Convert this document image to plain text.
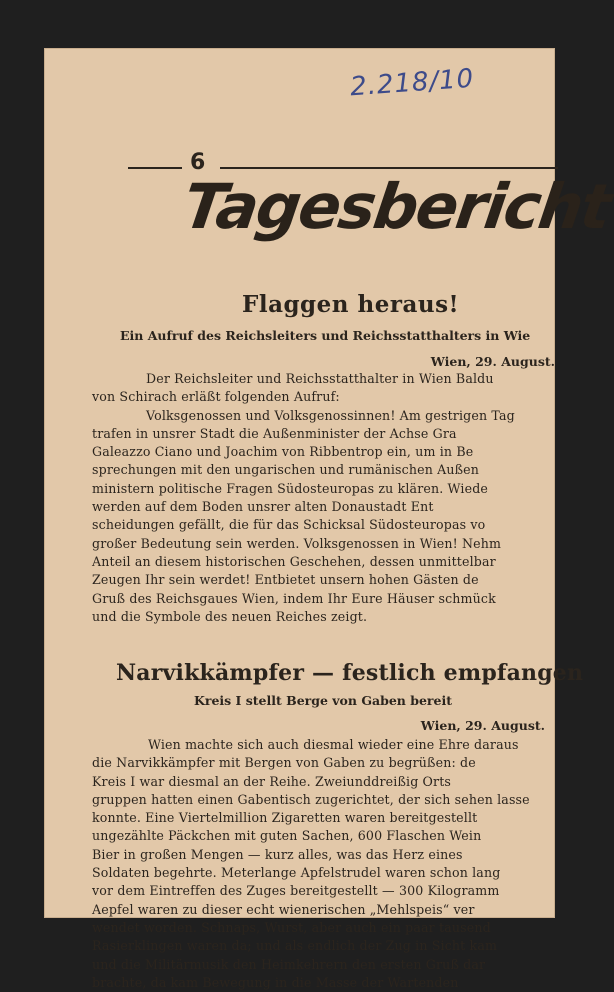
2.218/10
6
Tagesbericht
Flaggen heraus!
Ein Aufruf des Reichsleiters und Reichsstatthalters in Wie
Wien, 29. August.
Der Reichsleiter und Reichsstatthalter in Wien Baldu
von Schirach erläßt folgenden Aufruf:
Volksgenossen und Volksgenossinnen! Am gestrigen Tag
trafen in unsrer Stadt die Außenminister der Achse Gra
Galeazzo Ciano und Joachim von Ribbentrop ein, um in Be
sprechungen mit den ungarischen und rumänischen Außen
ministern politische Fragen Südosteuropas zu klären. Wiede
werden auf dem Boden unsrer alten Donaustadt Ent
scheidungen gefällt, die für das Schicksal Südosteuropas vo
großer Bedeutung sein werden. Volksgenossen in Wien! Nehm
Anteil an diesem historischen Geschehen, dessen unmittelbar
Zeugen Ihr sein werdet! Entbietet unsern hohen Gästen de
Gruß des Reichsgaues Wien, indem Ihr Eure Häuser schmück
und die Symbole des neuen Reiches zeigt.
Narvikkämpfer — festlich empfangen
Kreis I stellt Berge von Gaben bereit
Wien, 29. August.
Wien machte sich auch diesmal wieder eine Ehre daraus
die Narvikkämpfer mit Bergen von Gaben zu begrüßen: de
Kreis I war diesmal an der Reihe. Zweiunddreißig Orts
gruppen hatten einen Gabentisch zugerichtet, der sich sehen lasse
konnte. Eine Viertelmillion Zigaretten waren bereitgestellt
ungezählte Päckchen mit guten Sachen, 600 Flaschen Wein
Bier in großen Mengen — kurz alles, was das Herz eines
Soldaten begehrte. Meterlange Apfelstrudel waren schon lang
vor dem Eintreffen des Zuges bereitgestellt — 300 Kilogramm
Aepfel waren zu dieser echt wienerischen „Mehlspeis“ ver
wendet worden. Schnaps, Wurst, aber auch ein paar tausend
Rasierklingen waren da; und als endlich der Zug in Sicht kam
und die Militärmusik den Heimkehrern den ersten Gruß dar
brachte, da kam Bewegung in die Masse der Wartenden
